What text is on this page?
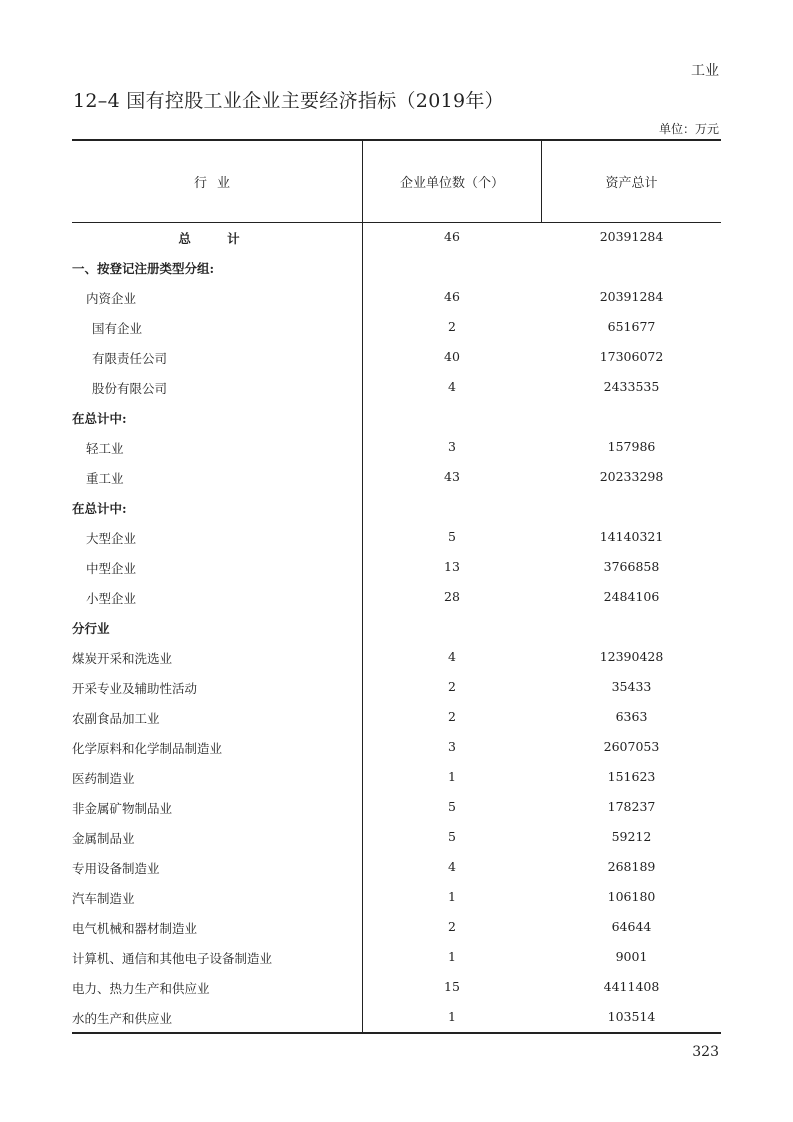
工业
12–4 国有控股工业企业主要经济指标（2019年）
单位：万元
行业	企业单位数（个）	资产总计
总 计	46	20391284
一、按登记注册类型分组:
内资企业	46	20391284
国有企业	2	651677
有限责任公司	40	17306072
股份有限公司	4	2433535
在总计中:
轻工业	3	157986
重工业	43	20233298
在总计中:
大型企业	5	14140321
中型企业	13	3766858
小型企业	28	2484106
分行业
煤炭开采和洗选业	4	12390428
开采专业及辅助性活动	2	35433
农副食品加工业	2	6363
化学原料和化学制品制造业	3	2607053
医药制造业	1	151623
非金属矿物制品业	5	178237
金属制品业	5	59212
专用设备制造业	4	268189
汽车制造业	1	106180
电气机械和器材制造业	2	64644
计算机、通信和其他电子设备制造业	1	9001
电力、热力生产和供应业	15	4411408
水的生产和供应业	1	103514
323
